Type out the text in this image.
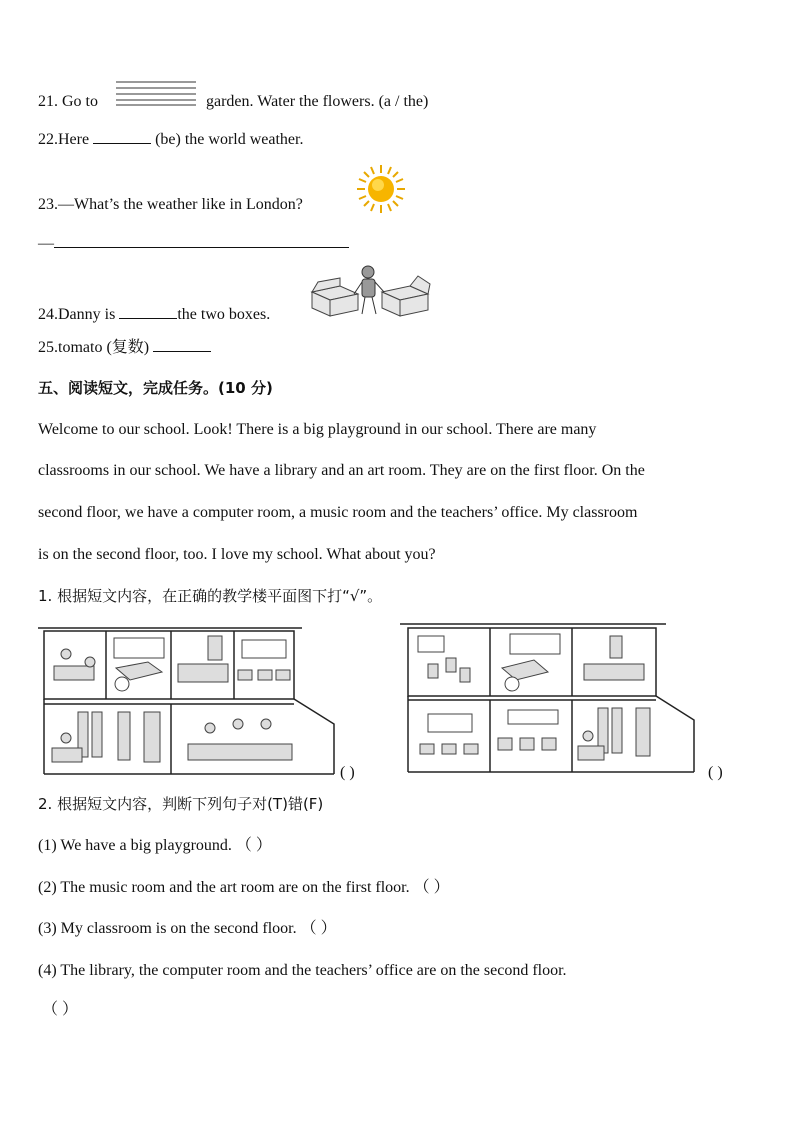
21. Go to	garden. Water the flowers. (a / the)
22.Here	(be) the world weather.
23.—What’s the weather like in London?
—
24.Danny is	the two boxes.
25.tomato (复数)
五、阅读短文，完成任务。(10 分)
Welcome to our school. Look! There is a big playground in our school. There are many
classrooms in our school. We have a library and an art room. They are on the first floor. On the
second floor, we have a computer room, a music room and the teachers’ office. My classroom
is on the second floor, too. I love my school. What about you?
1. 根据短文内容，在正确的教学楼平面图下打“√”。
( )	( )
2. 根据短文内容，判断下列句子对(T)错(F)
(1) We have a big playground. （ ）
(2) The music room and the art room are on the first floor. （ ）
(3) My classroom is on the second floor. （ ）
(4) The library, the computer room and the teachers’ office are on the second floor.
（ ）
